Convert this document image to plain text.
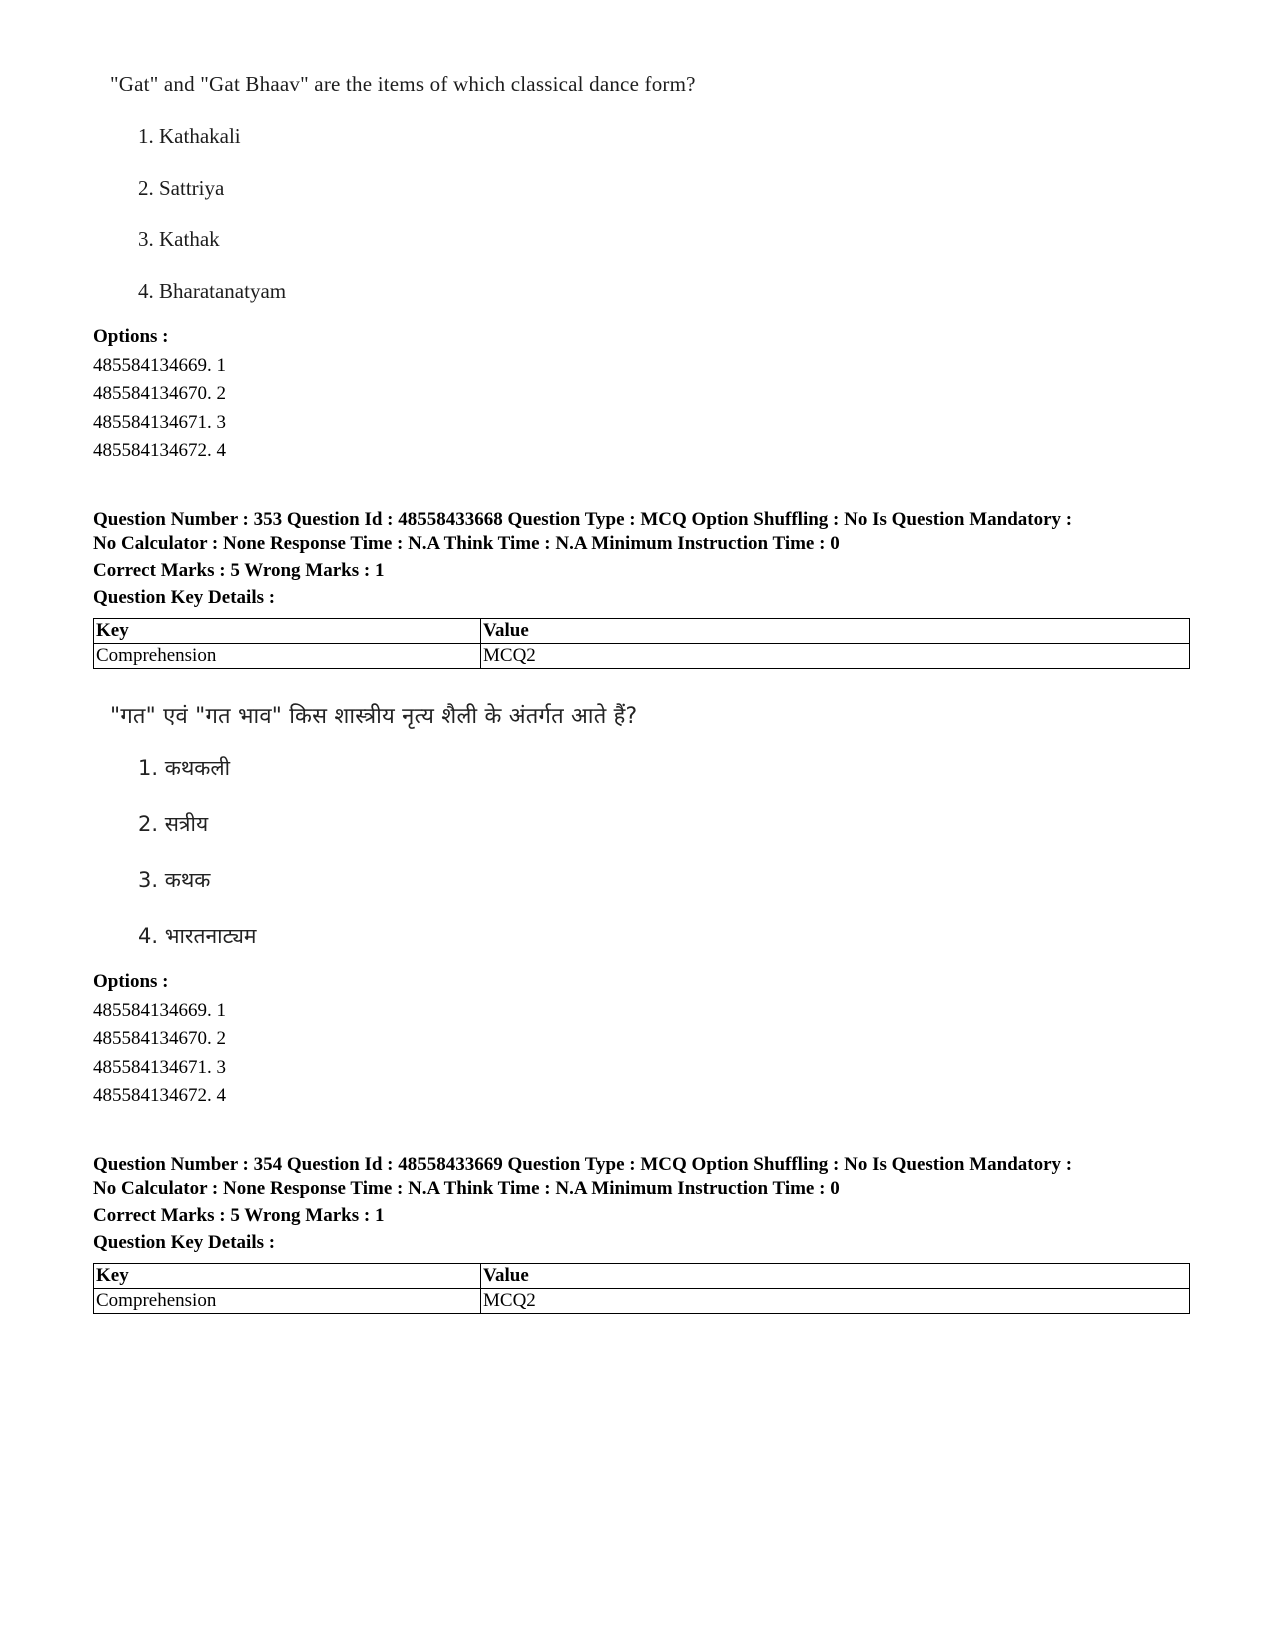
"Gat" and "Gat Bhaav" are the items of which classical dance form?
1. Kathakali
2. Sattriya
3. Kathak
4. Bharatanatyam
Options :
485584134669. 1
485584134670. 2
485584134671. 3
485584134672. 4
Question Number : 353 Question Id : 48558433668 Question Type : MCQ Option Shuffling : No Is Question Mandatory :
No Calculator : None Response Time : N.A Think Time : N.A Minimum Instruction Time : 0
Correct Marks : 5 Wrong Marks : 1
Question Key Details :
Key	Value
Comprehension	MCQ2
"गत" एवं "गत भाव" किस शास्त्रीय नृत्य शैली के अंतर्गत आते हैं?
1. कथकली
2. सत्रीय
3. कथक
4. भारतनाट्यम
Options :
485584134669. 1
485584134670. 2
485584134671. 3
485584134672. 4
Question Number : 354 Question Id : 48558433669 Question Type : MCQ Option Shuffling : No Is Question Mandatory :
No Calculator : None Response Time : N.A Think Time : N.A Minimum Instruction Time : 0
Correct Marks : 5 Wrong Marks : 1
Question Key Details :
Key	Value
Comprehension	MCQ2
